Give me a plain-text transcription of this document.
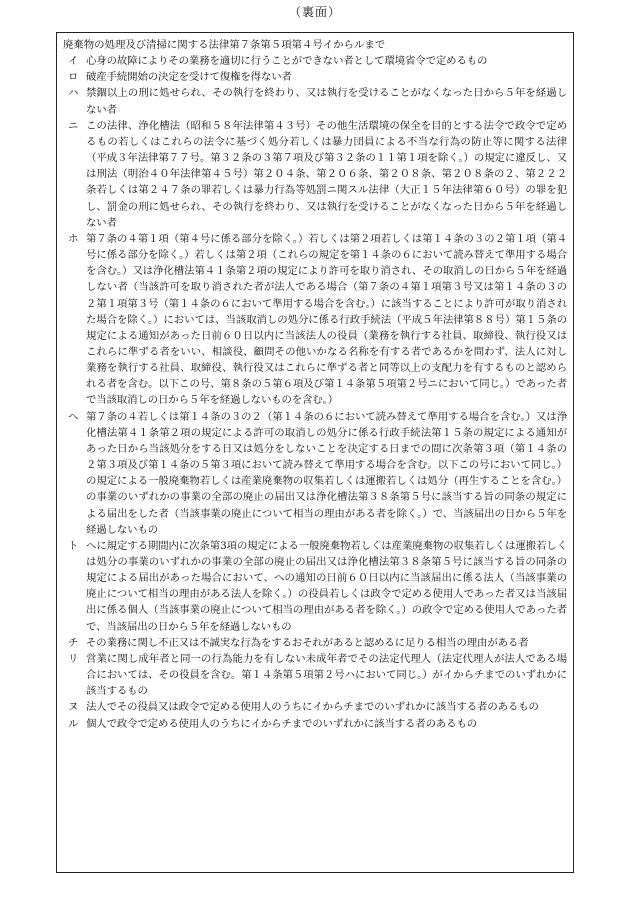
（裏面）

廃棄物の処理及び清掃に関する法律第７条第５項第４号イからルまで

イ 心身の故障によりその業務を適切に行うことができない者として環境省令で定めるもの
ロ 破産手続開始の決定を受けて復権を得ない者
ハ 禁錮以上の刑に処せられ、その執行を終わり、又は執行を受けることがなくなった日から５年を経過しない者
ニ この法律、浄化槽法（昭和５８年法律第４３号）その他生活環境の保全を目的とする法令で政令で定めるもの若しくはこれらの法令に基づく処分若しくは暴力団員による不当な行為の防止等に関する法律（平成３年法律第７７号。第３２条の３第７項及び第３２条の１１第１項を除く。）の規定に違反し、又は刑法（明治４０年法律第４５号）第２０４条、第２０６条、第２０８条、第２０８条の２、第２２２条若しくは第２４７条の罪若しくは暴力行為等処罰ニ関スル法律（大正１５年法律第６０号）の罪を犯し、罰金の刑に処せられ、その執行を終わり、又は執行を受けることがなくなった日から５年を経過しない者
ホ 第７条の４第１項（第４号に係る部分を除く。）若しくは第２項若しくは第１４条の３の２第１項（第４号に係る部分を除く。）若しくは第２項（これらの規定を第１４条の６において読み替えて準用する場合を含む。）又は浄化槽法第４１条第２項の規定により許可を取り消され、その取消しの日から５年を経過しない者（当該許可を取り消された者が法人である場合（第７条の４第１項第３号又は第１４条の３の２第１項第３号（第１４条の６において準用する場合を含む。）に該当することにより許可が取り消された場合を除く。）においては、当該取消しの処分に係る行政手続法（平成５年法律第８８号）第１５条の規定による通知があった日前６０日以内に当該法人の役員（業務を執行する社員、取締役、執行役又はこれらに準ずる者をいい、相談役、顧問その他いかなる名称を有する者であるかを問わず、法人に対し業務を執行する社員、取締役、執行役又はこれらに準ずる者と同等以上の支配力を有するものと認められる者を含む。以下この号、第８条の５第６項及び第１４条第５項第２号ニにおいて同じ。）であった者で当該取消しの日から５年を経過しないものを含む。）
ヘ 第７条の４若しくは第１４条の３の２（第１４条の６において読み替えて準用する場合を含む。）又は浄化槽法第４１条第２項の規定による許可の取消しの処分に係る行政手続法第１５条の規定による通知があった日から当該処分をする日又は処分をしないことを決定する日までの間に次条第３項（第１４条の２第３項及び第１４条の５第３項において読み替えて準用する場合を含む。以下この号において同じ。）の規定による一般廃棄物若しくは産業廃棄物の収集若しくは運搬若しくは処分（再生することを含む。）の事業のいずれかの事業の全部の廃止の届出又は浄化槽法第３８条第５号に該当する旨の同条の規定による届出をした者（当該事業の廃止について相当の理由がある者を除く。）で、当該届出の日から５年を経過しないもの
ト へに規定する期間内に次条第3項の規定による一般廃棄物若しくは産業廃棄物の収集若しくは運搬若しくは処分の事業のいずれかの事業の全部の廃止の届出又は浄化槽法第３８条第５号に該当する旨の同条の規定による届出があった場合において、への通知の日前６０日以内に当該届出に係る法人（当該事業の廃止について相当の理由がある法人を除く。）の役員若しくは政令で定める使用人であった者又は当該届出に係る個人（当該事業の廃止について相当の理由がある者を除く。）の政令で定める使用人であった者で、当該届出の日から５年を経過しないもの
チ その業務に関し不正又は不誠実な行為をするおそれがあると認めるに足りる相当の理由がある者
リ 営業に関し成年者と同一の行為能力を有しない未成年者でその法定代理人（法定代理人が法人である場合においては、その役員を含む。第１４条第５項第２号ハにおいて同じ。）がイからチまでのいずれかに該当するもの
ヌ 法人でその役員又は政令で定める使用人のうちにイからチまでのいずれかに該当する者のあるもの
ル 個人で政令で定める使用人のうちにイからチまでのいずれかに該当する者のあるもの
